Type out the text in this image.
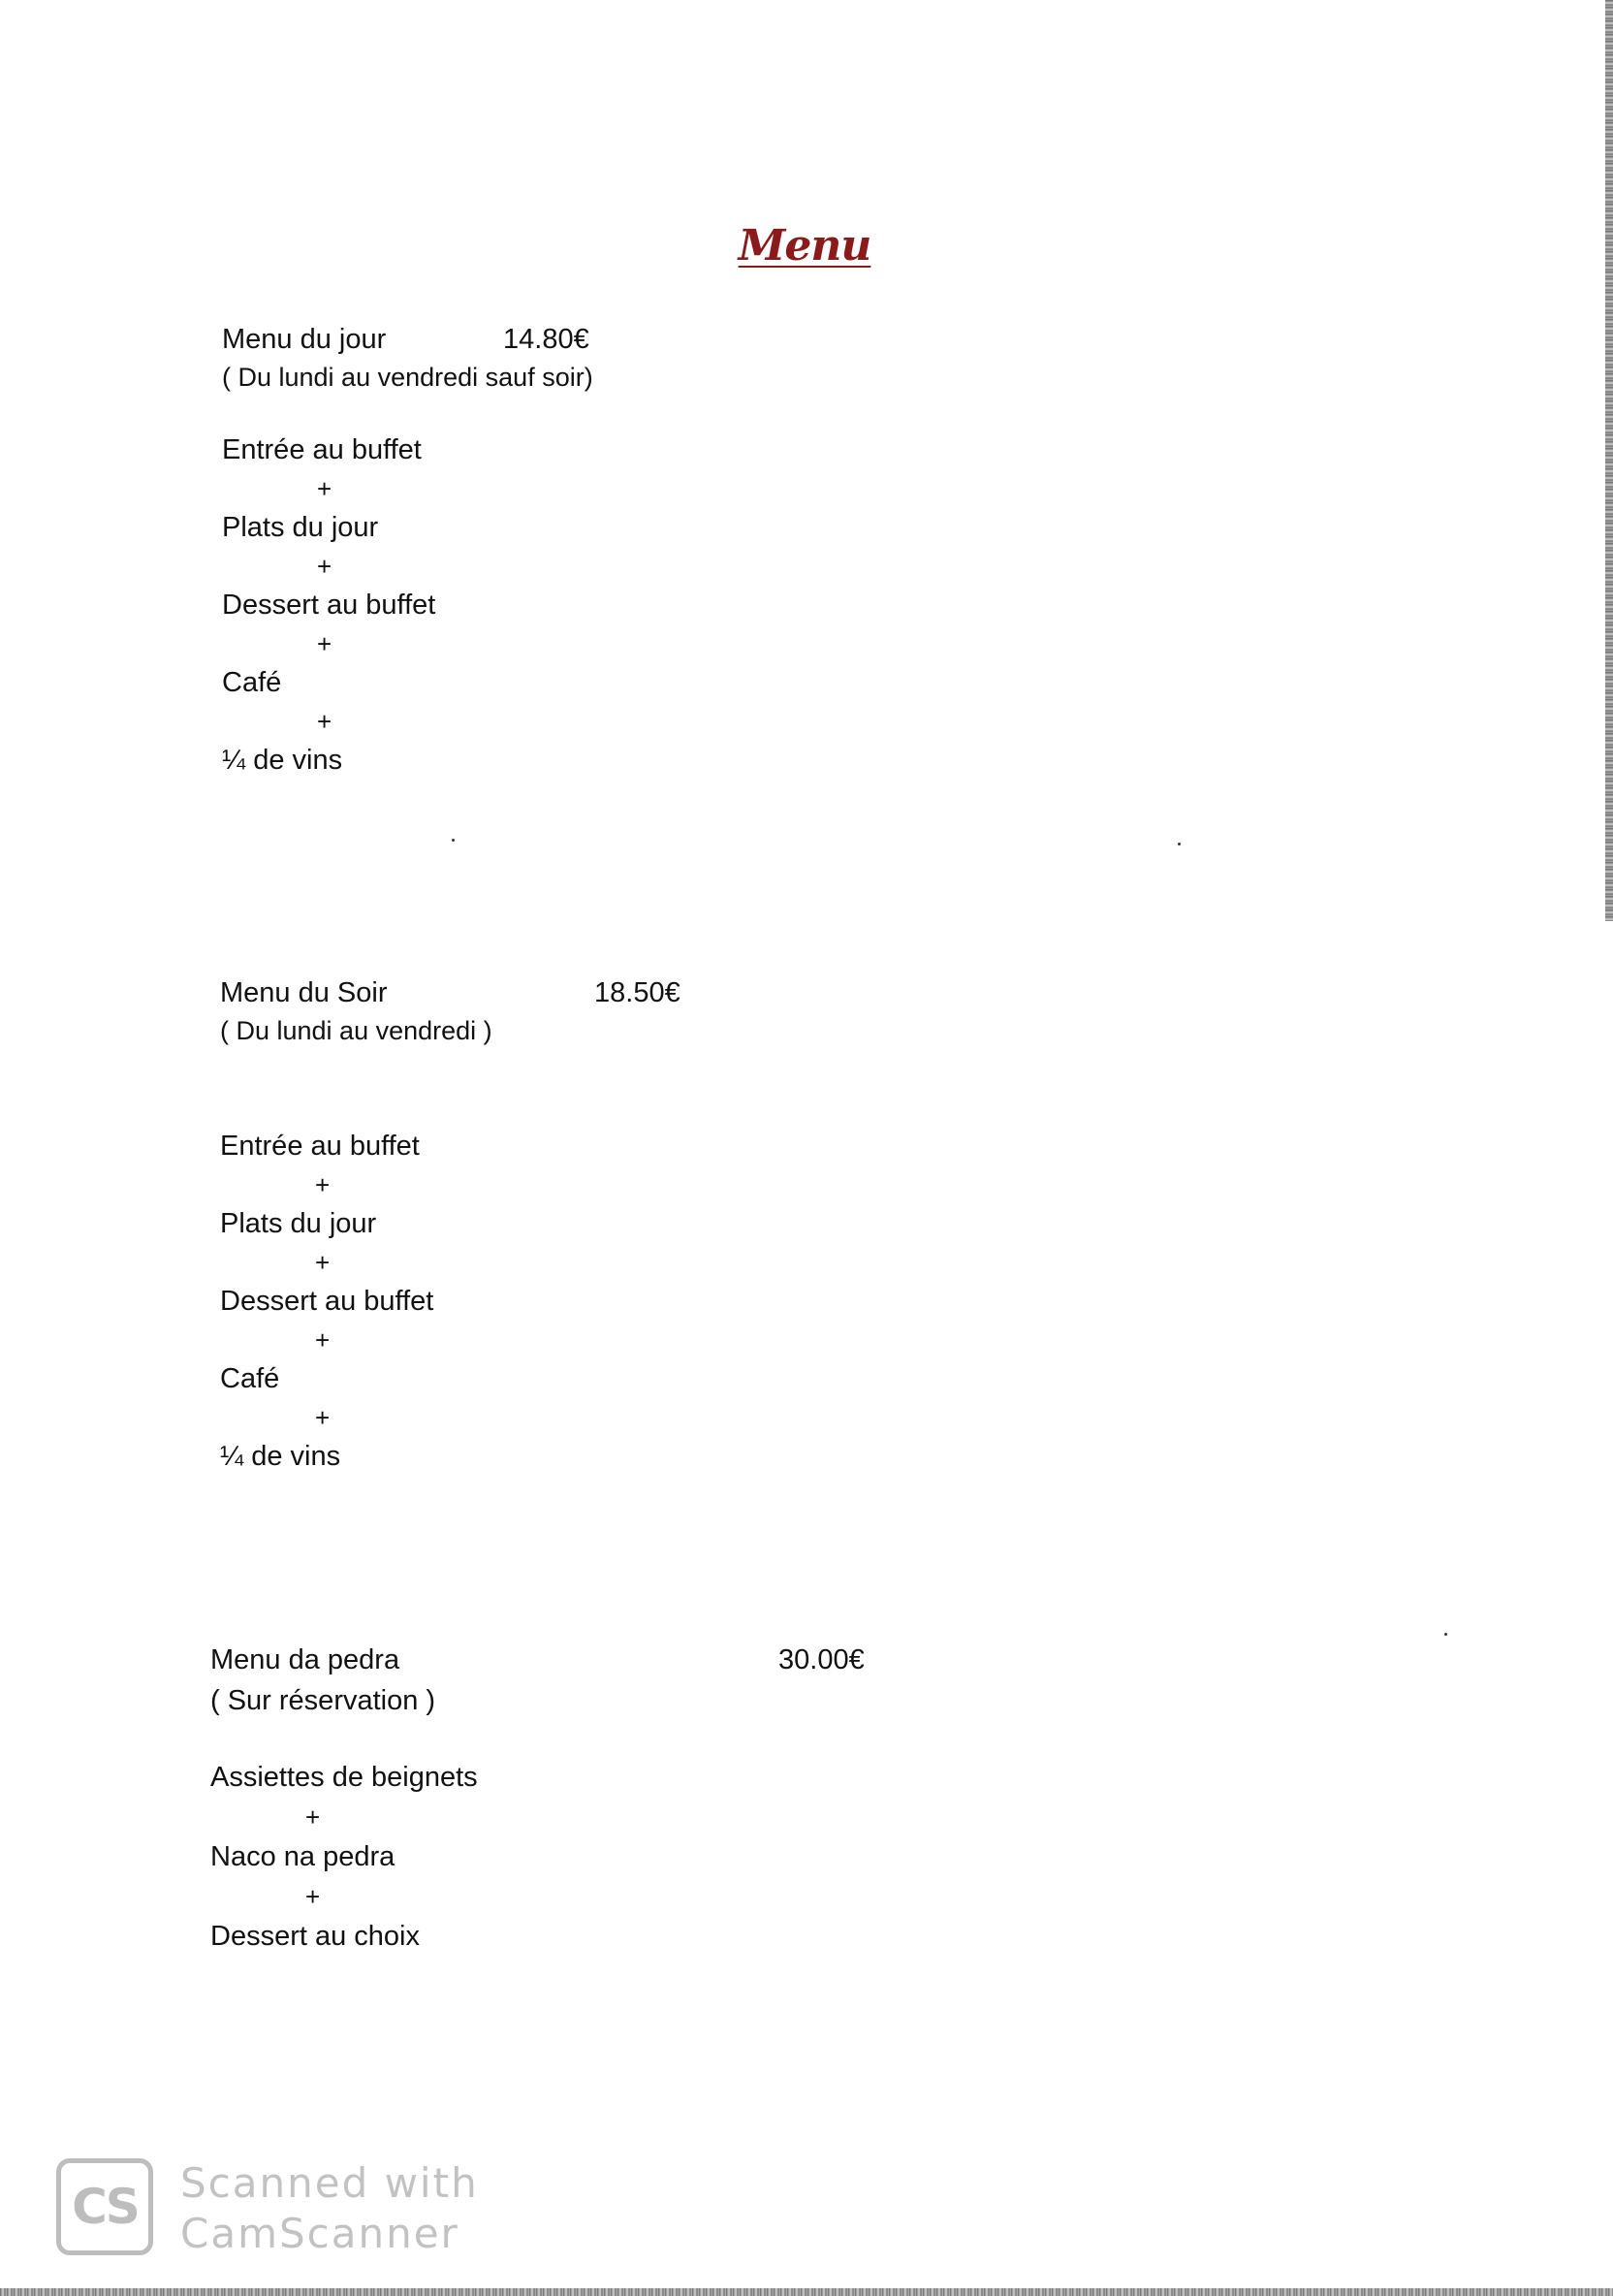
Menu
Menu du jour	14.80€
( Du lundi au vendredi sauf soir)
Entrée au buffet
+
Plats du jour
+
Dessert au buffet
+
Café
+
¼ de vins
Menu du Soir	18.50€
( Du lundi au vendredi )
Entrée au buffet
+
Plats du jour
+
Dessert au buffet
+
Café
+
¼ de vins
Menu da pedra	30.00€
( Sur réservation )
Assiettes de beignets
+
Naco na pedra
+
Dessert au choix
CS Scanned with
CamScanner
